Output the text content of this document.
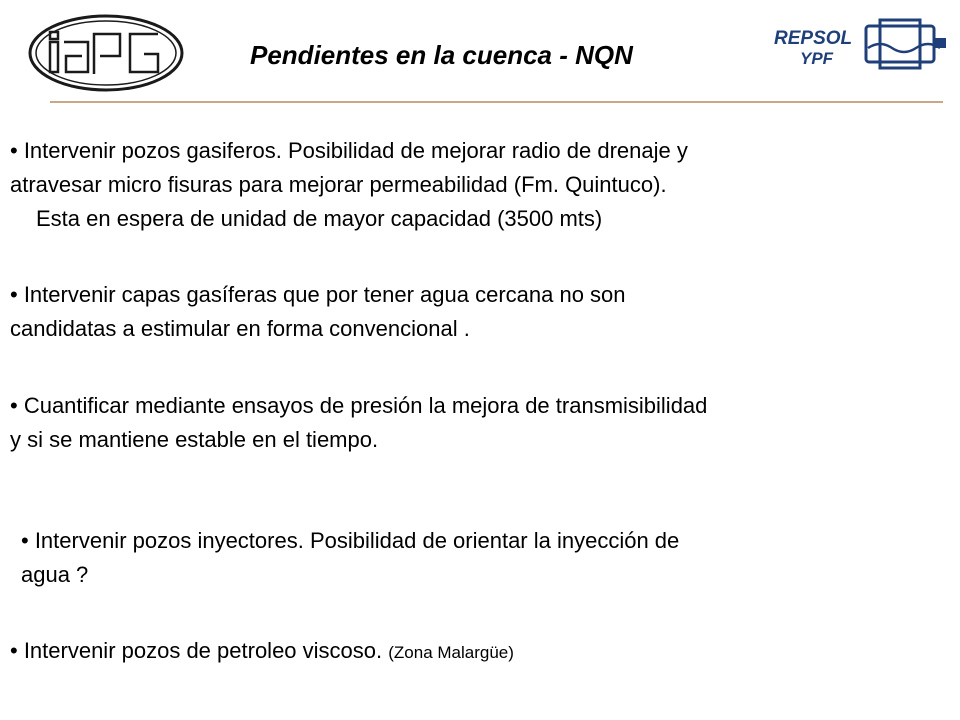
IAPG
Pendientes en la cuenca - NQN
REPSOL
YPF
• Intervenir pozos gasiferos. Posibilidad de mejorar radio de drenaje y
atravesar micro fisuras para mejorar permeabilidad (Fm. Quintuco).
Esta en espera de unidad de mayor capacidad (3500 mts)
• Intervenir capas gasíferas que por tener agua cercana no son
candidatas a estimular en forma convencional .
• Cuantificar mediante ensayos de presión la mejora de transmisibilidad
y si se mantiene estable en el tiempo.
• Intervenir pozos inyectores. Posibilidad de orientar la inyección de
agua ?
• Intervenir pozos de petroleo viscoso. (Zona Malargüe)
